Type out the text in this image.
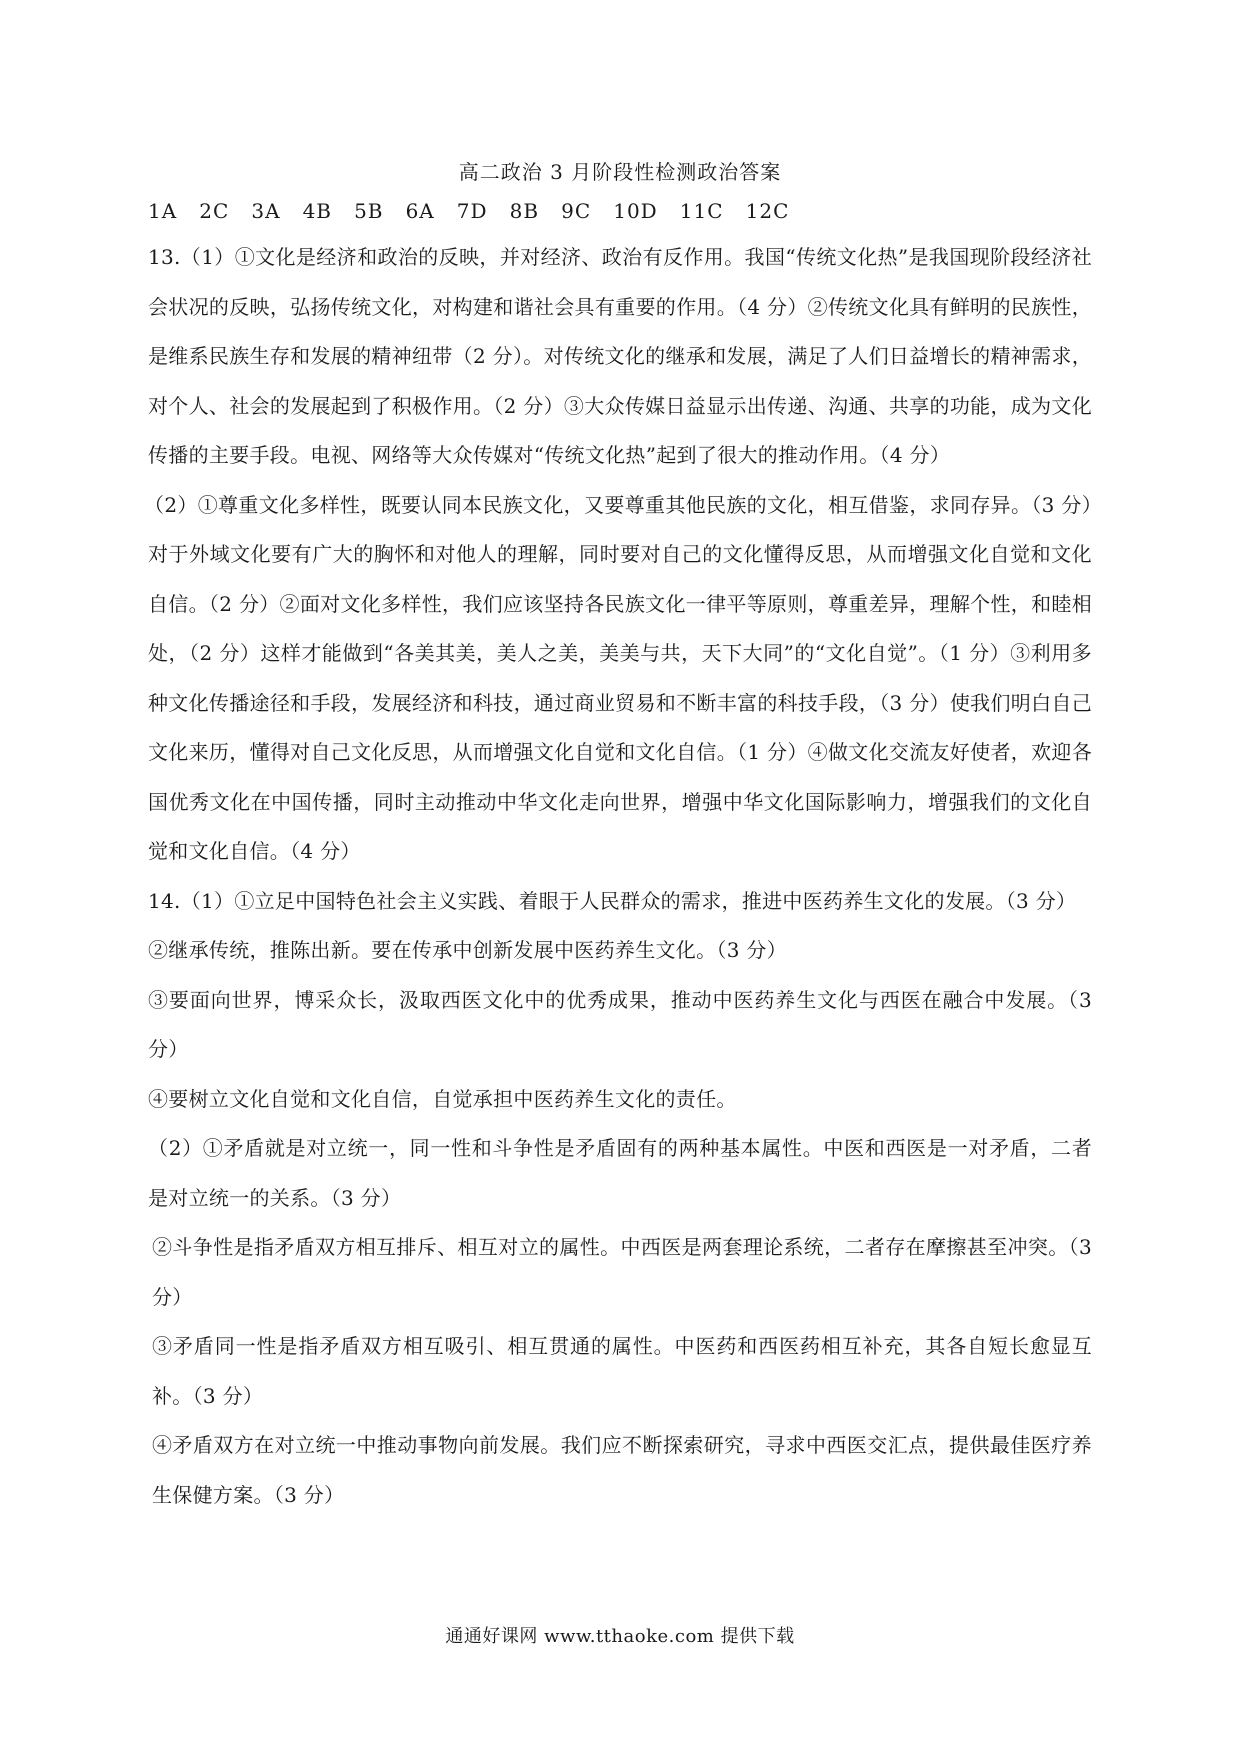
高二政治 3 月阶段性检测政治答案
1A   2C   3A   4B   5B   6A   7D   8B   9C   10D   11C   12C

13.（1）①文化是经济和政治的反映，并对经济、政治有反作用。我国“传统文化热”是我国现阶段经济社会状况的反映，弘扬传统文化，对构建和谐社会具有重要的作用。（4 分）②传统文化具有鲜明的民族性，是维系民族生存和发展的精神纽带（2 分）。对传统文化的继承和发展，满足了人们日益增长的精神需求，对个人、社会的发展起到了积极作用。（2 分）③大众传媒日益显示出传递、沟通、共享的功能，成为文化传播的主要手段。电视、网络等大众传媒对“传统文化热”起到了很大的推动作用。（4 分）

（2）①尊重文化多样性，既要认同本民族文化，又要尊重其他民族的文化，相互借鉴，求同存异。（3 分）对于外域文化要有广大的胸怀和对他人的理解，同时要对自己的文化懂得反思，从而增强文化自觉和文化自信。（2 分）②面对文化多样性，我们应该坚持各民族文化一律平等原则，尊重差异，理解个性，和睦相处，（2 分）这样才能做到“各美其美，美人之美，美美与共，天下大同”的“文化自觉”。（1 分）③利用多种文化传播途径和手段，发展经济和科技，通过商业贸易和不断丰富的科技手段，（3 分）使我们明白自己文化来历，懂得对自己文化反思，从而增强文化自觉和文化自信。（1 分）④做文化交流友好使者，欢迎各国优秀文化在中国传播，同时主动推动中华文化走向世界，增强中华文化国际影响力，增强我们的文化自觉和文化自信。（4 分）

14.（1）①立足中国特色社会主义实践、着眼于人民群众的需求，推进中医药养生文化的发展。（3 分）

②继承传统，推陈出新。要在传承中创新发展中医药养生文化。（3 分）

③要面向世界，博采众长，汲取西医文化中的优秀成果，推动中医药养生文化与西医在融合中发展。（3 分）

④要树立文化自觉和文化自信，自觉承担中医药养生文化的责任。

（2）①矛盾就是对立统一，同一性和斗争性是矛盾固有的两种基本属性。中医和西医是一对矛盾，二者是对立统一的关系。（3 分）

②斗争性是指矛盾双方相互排斥、相互对立的属性。中西医是两套理论系统，二者存在摩擦甚至冲突。（3 分）

③矛盾同一性是指矛盾双方相互吸引、相互贯通的属性。中医药和西医药相互补充，其各自短长愈显互补。（3 分）

④矛盾双方在对立统一中推动事物向前发展。我们应不断探索研究，寻求中西医交汇点，提供最佳医疗养生保健方案。（3 分）

通通好课网 www.tthaoke.com 提供下载
